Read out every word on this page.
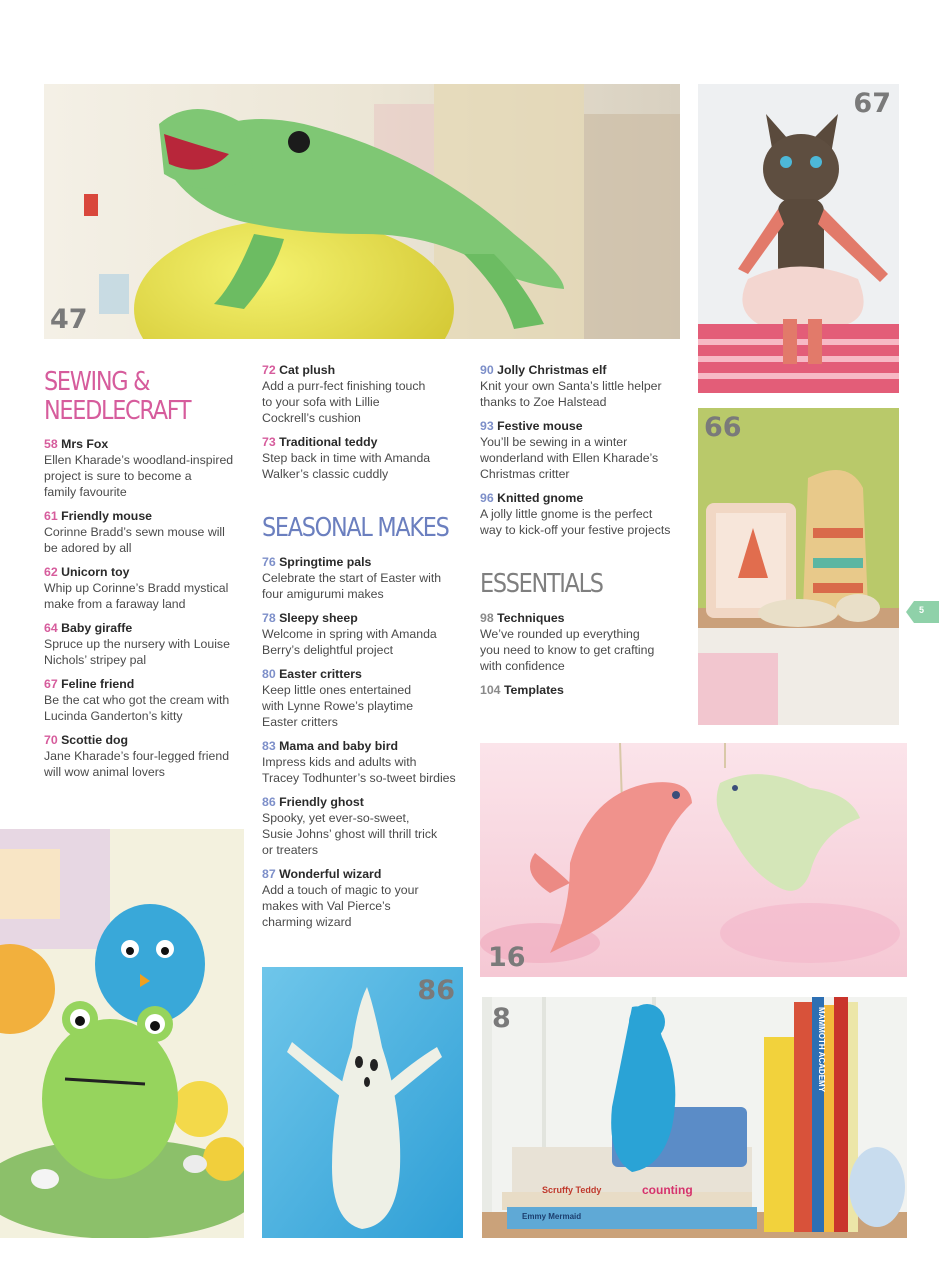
47
67
66
16
86
8
Scruffy Teddy	counting
Emmy Mermaid
MAMMOTH ACADEMY
5
SEWING &
NEEDLECRAFT
58 Mrs Fox
Ellen Kharade’s woodland-inspired
project is sure to become a
family favourite
61 Friendly mouse
Corinne Bradd’s sewn mouse will
be adored by all
62 Unicorn toy
Whip up Corinne’s Bradd mystical
make from a faraway land
64 Baby giraffe
Spruce up the nursery with Louise
Nichols’ stripey pal
67 Feline friend
Be the cat who got the cream with
Lucinda Ganderton’s kitty
70 Scottie dog
Jane Kharade’s four-legged friend
will wow animal lovers
72 Cat plush
Add a purr-fect finishing touch
to your sofa with Lillie
Cockrell’s cushion
73 Traditional teddy
Step back in time with Amanda
Walker’s classic cuddly
SEASONAL MAKES
76 Springtime pals
Celebrate the start of Easter with
four amigurumi makes
78 Sleepy sheep
Welcome in spring with Amanda
Berry’s delightful project
80 Easter critters
Keep little ones entertained
with Lynne Rowe’s playtime
Easter critters
83 Mama and baby bird
Impress kids and adults with
Tracey Todhunter’s so-tweet birdies
86 Friendly ghost
Spooky, yet ever-so-sweet,
Susie Johns’ ghost will thrill trick
or treaters
87 Wonderful wizard
Add a touch of magic to your
makes with Val Pierce’s
charming wizard
90 Jolly Christmas elf
Knit your own Santa’s little helper
thanks to Zoe Halstead
93 Festive mouse
You’ll be sewing in a winter
wonderland with Ellen Kharade’s
Christmas critter
96 Knitted gnome
A jolly little gnome is the perfect
way to kick-off your festive projects
ESSENTIALS
98 Techniques
We’ve rounded up everything
you need to know to get crafting
with confidence
104 Templates
